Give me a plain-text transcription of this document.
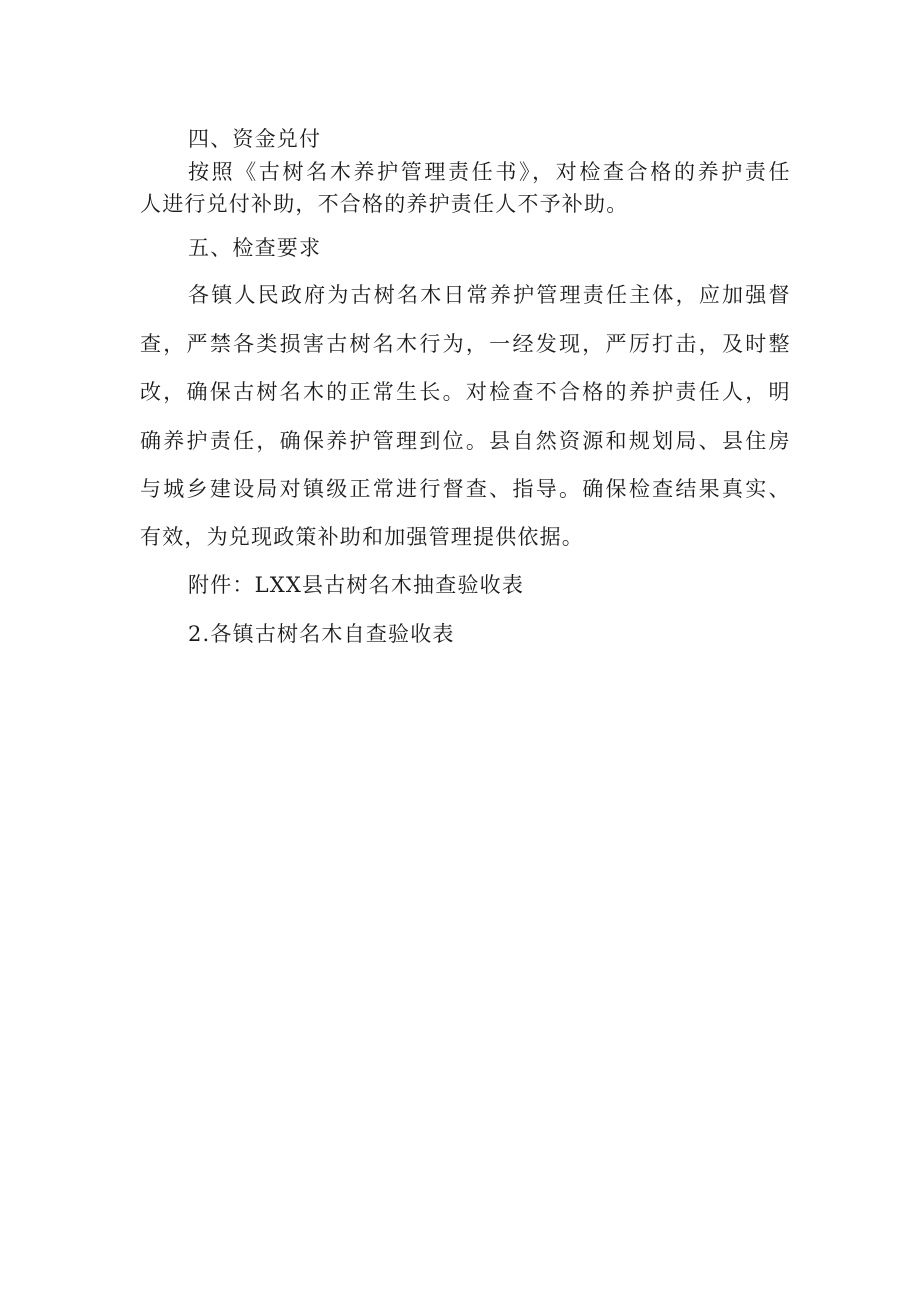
四、资金兑付
按照《古树名木养护管理责任书》，对检查合格的养护责任
人进行兑付补助，不合格的养护责任人不予补助。
五、检查要求
各镇人民政府为古树名木日常养护管理责任主体，应加强督
查，严禁各类损害古树名木行为，一经发现，严厉打击，及时整
改，确保古树名木的正常生长。对检查不合格的养护责任人，明
确养护责任，确保养护管理到位。县自然资源和规划局、县住房
与城乡建设局对镇级正常进行督查、指导。确保检查结果真实、
有效，为兑现政策补助和加强管理提供依据。
附件：LXX县古树名木抽查验收表
2.各镇古树名木自查验收表
